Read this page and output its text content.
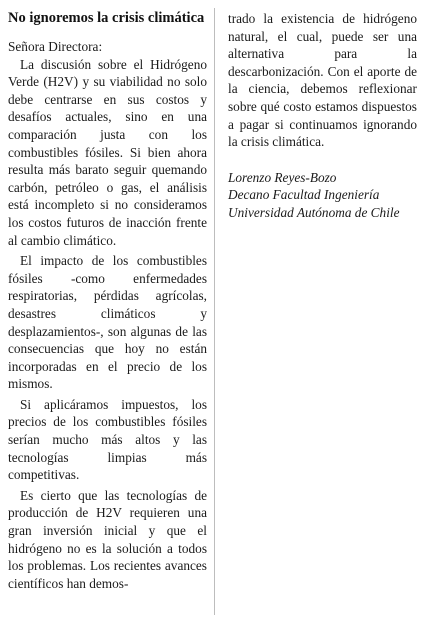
No ignoremos la crisis climática

Señora Directora:

La discusión sobre el Hidrógeno Verde (H2V) y su viabilidad no solo debe centrarse en sus costos y desafíos actuales, sino en una comparación justa con los combustibles fósiles. Si bien ahora resulta más barato seguir quemando carbón, petróleo o gas, el análisis está incompleto si no consideramos los costos futuros de inacción frente al cambio climático.

El impacto de los combustibles fósiles -como enfermedades respiratorias, pérdidas agrícolas, desastres climáticos y desplazamientos-, son algunas de las consecuencias que hoy no están incorporadas en el precio de los mismos.

Si aplicáramos impuestos, los precios de los combustibles fósiles serían mucho más altos y las tecnologías limpias más competitivas.

Es cierto que las tecnologías de producción de H2V requieren una gran inversión inicial y que el hidrógeno no es la solución a todos los problemas. Los recientes avances científicos han demos-

trado la existencia de hidrógeno natural, el cual, puede ser una alternativa para la descarbonización. Con el aporte de la ciencia, debemos reflexionar sobre qué costo estamos dispuestos a pagar si continuamos ignorando la crisis climática.

Lorenzo Reyes-Bozo
Decano Facultad Ingeniería
Universidad Autónoma de Chile
